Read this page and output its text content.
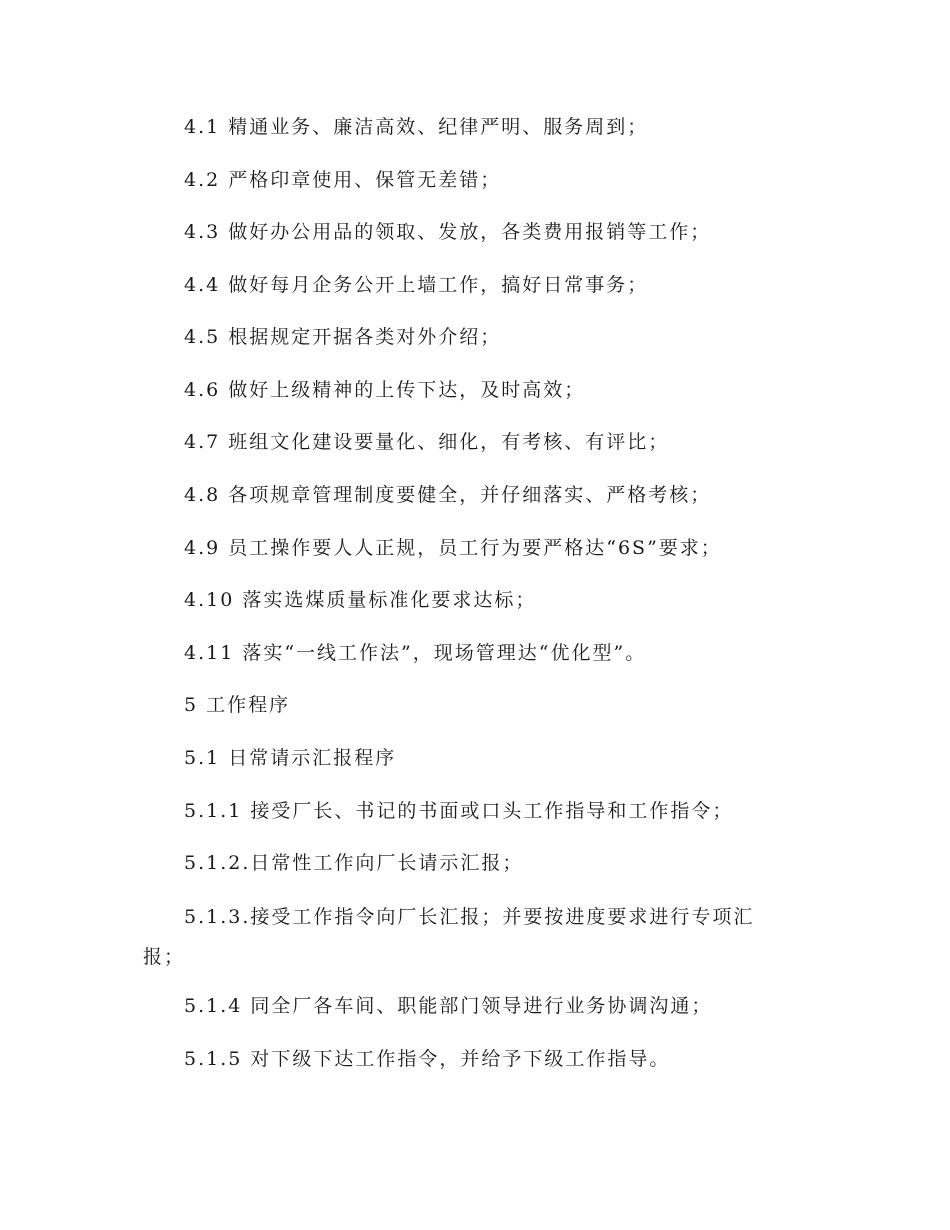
4.1 精通业务、廉洁高效、纪律严明、服务周到；

4.2 严格印章使用、保管无差错；

4.3 做好办公用品的领取、发放，各类费用报销等工作；

4.4 做好每月企务公开上墙工作，搞好日常事务；

4.5 根据规定开据各类对外介绍；

4.6 做好上级精神的上传下达，及时高效；

4.7 班组文化建设要量化、细化，有考核、有评比；

4.8 各项规章管理制度要健全，并仔细落实、严格考核；

4.9 员工操作要人人正规，员工行为要严格达“6S”要求；

4.10 落实选煤质量标准化要求达标；

4.11 落实“一线工作法”，现场管理达“优化型”。

5 工作程序

5.1 日常请示汇报程序

5.1.1 接受厂长、书记的书面或口头工作指导和工作指令；

5.1.2.日常性工作向厂长请示汇报；

5.1.3.接受工作指令向厂长汇报；并要按进度要求进行专项汇报；

5.1.4 同全厂各车间、职能部门领导进行业务协调沟通；

5.1.5 对下级下达工作指令，并给予下级工作指导。
